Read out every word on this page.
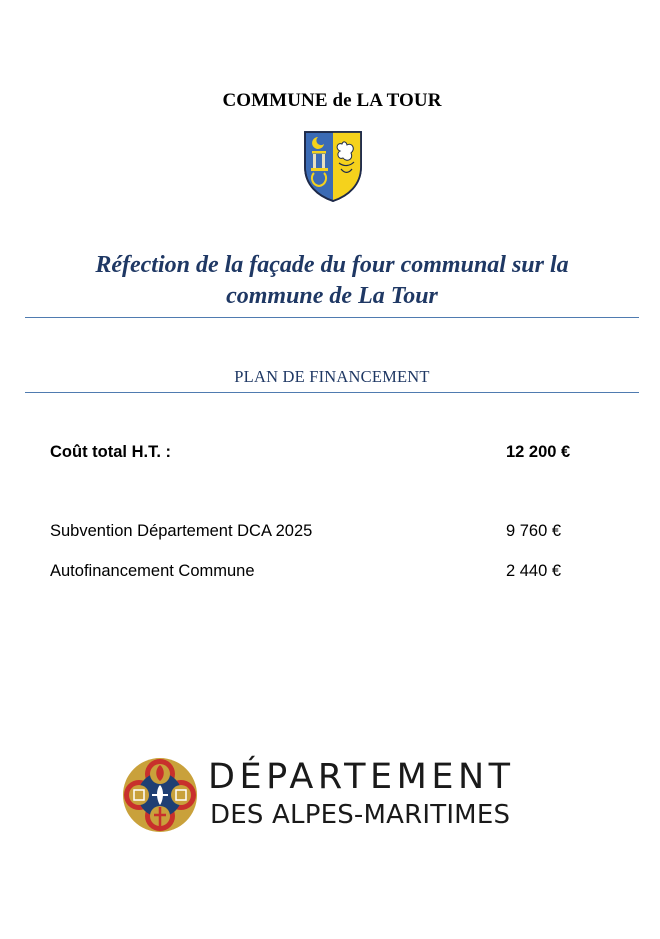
COMMUNE de LA TOUR
Réfection de la façade du four communal sur la
commune de La Tour
PLAN DE FINANCEMENT
Coût total H.T. :	12 200 €
Subvention Département DCA 2025	9 760 €
Autofinancement Commune	2 440 €
DÉPARTEMENT
DES ALPES-MARITIMES
